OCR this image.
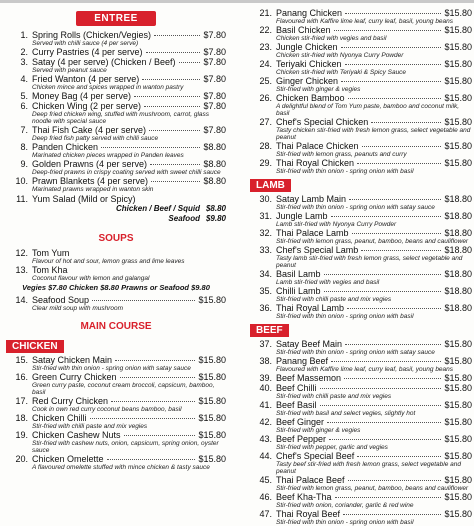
ENTREE
1. Spring Rolls (Chicken/Vegies)	$7.80
Served with chilli sauce (4 per serve)
2. Curry Pastries (4 per serve)	$7.80
3. Satay (4 per serve) (Chicken / Beef)	$7.80
Served with peanut sauce
4. Fried Wanton (4 per serve)	$7.80
Chicken mince and spices wrapped in wanton pastry
5. Money Bag (4 per serve)	$7.80
6. Chicken Wing (2 per serve)	$7.80
Deep fried chicken wing, stuffed with mushroom, carrot, glass noodle with special sauce
7. Thai Fish Cake (4 per serve)	$7.80
Deep fried fish patty served with chilli sauce
8. Panden Chicken	$8.80
Marinated chicken pieces wrapped in Panden leaves
9. Golden Prawns (4 per serve)	$8.80
Deep-fried prawns in crispy coating served with sweet chilli sauce
10. Prawn Blankets (4 per serve)	$8.80
Marinated prawns wrapped in wanton skin
11. Yum Salad (Mild or Spicy)
Chicken / Beef / Squid $8.80
Seafood $9.80
SOUPS
12. Tom Yum
Flavour of hot and sour, lemon grass and lime leaves
13. Tom Kha
Coconut flavour with lemon and galangal
Vegies $7.80 Chicken $8.80 Prawns or Seafood $9.80
14. Seafood Soup	$15.80
Clear mild soup with mushroom
MAIN COURSE
CHICKEN
15. Satay Chicken Main	$15.80
Stir-fried with thin onion - spring onion with satay sauce
16. Green Curry Chicken	$15.80
Green curry paste, coconut cream broccoli, capsicum, bamboo, basil
17. Red Curry Chicken	$15.80
Cook in own red curry coconut beans bamboo, basil
18. Chicken Chilli	$15.80
Stir-fried with chilli paste and mix vegies
19. Chicken Cashew Nuts	$15.80
Stir-fried with cashew nuts, onion, capsicum, spring onion, oyster sauce
20. Chicken Omelette	$15.80
A flavoured omelette stuffed with mince chicken & tasty sauce
21. Panang Chicken	$15.80
Flavoured with Kaffire lime leaf, curry leaf, basil, young beans
22. Basil Chicken	$15.80
Chicken stir-fried with vegies and basil
23. Jungle Chicken	$15.80
Chicken stir-fried with Nyonya Curry Powder
24. Teriyaki Chicken	$15.80
Chicken stir-fried with Teriyaki & Spicy Sauce
25. Ginger Chicken	$15.80
Stir-fried with ginger & vegies
26. Chicken Bamboo	$15.80
A delightful blend of Tom Yum paste, bamboo and coconut milk, basil
27. Chef's Special Chicken	$15.80
Tasty chicken stir-fried with fresh lemon grass, select vegetable and peanut
28. Thai Palace Chicken	$15.80
Stir-fried with lemon grass, peanuts and curry
29. Thai Royal Chicken	$15.80
Stir-fried with thin onion - spring onion with basil
LAMB
30. Satay Lamb Main	$18.80
Stir-fried with thin onion - spring onion with satay sauce
31. Jungle Lamb	$18.80
Lamb stir-fried with Nyonya Curry Powder
32. Thai Palace Lamb	$18.80
Stir-fried with lemon grass, peanut, bamboo, beans and cauliflower
33. Chef's Special Lamb	$18.80
Tasty lamb stir-fried with fresh lemon grass, select vegetable and peanut
34. Basil Lamb	$18.80
Lamb stir-fried with vegies and basil
35. Chilli Lamb	$18.80
Stir-fried with chilli paste and mix vegies
36. Thai Royal Lamb	$18.80
Stir-fried with thin onion - spring onion with basil
BEEF
37. Satay Beef Main	$15.80
Stir-fried with thin onion - spring onion with satay sauce
38. Panang Beef	$15.80
Flavoured with Kaffire lime leaf, curry leaf, basil, young beans
39. Beef Massemon	$15.80
40. Beef Chilli	$15.80
Stir-fried with chilli paste and mix vegies
41. Beef Basil	$15.80
Stir-fried with basil and select vegies, slightly hot
42. Beef Ginger	$15.80
Stir-fried with ginger & vegies
43. Beef Pepper	$15.80
Stir-fried with pepper, garlic and vegies
44. Chef's Special Beef	$15.80
Tasty beef stir-fried with fresh lemon grass, select vegetable and peanut
45. Thai Palace Beef	$15.80
Stir-fried with lemon grass, peanut, bamboo, beans and cauliflower
46. Beef Kha-Tha	$15.80
Stir-fried with onion, coriander, garlic & red wine
47. Thai Royal Beef	$15.80
Stir-fried with thin onion - spring onion with basil
